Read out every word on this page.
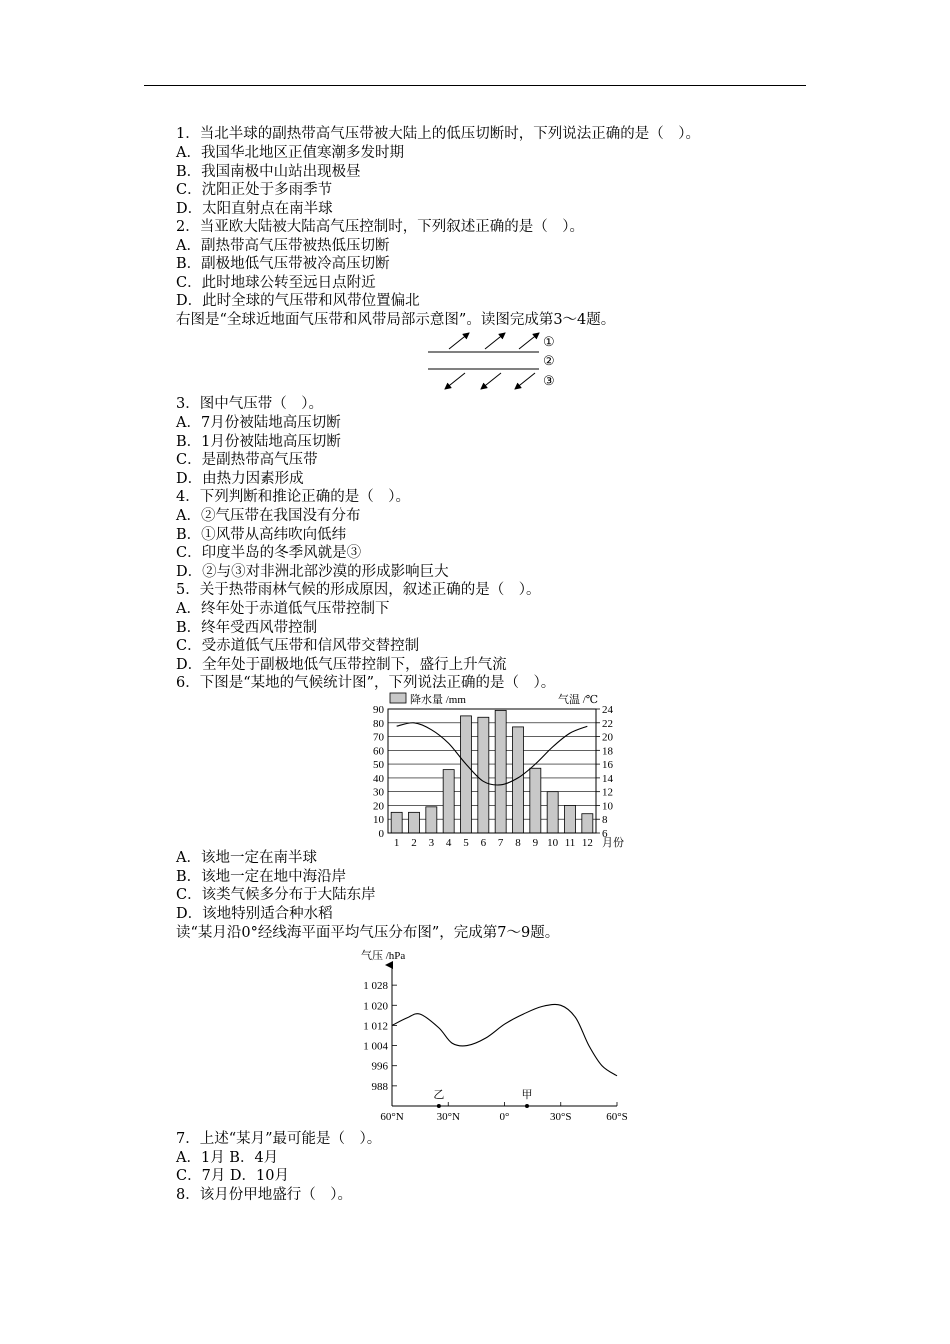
1．当北半球的副热带高气压带被大陆上的低压切断时，下列说法正确的是（　）。
A．我国华北地区正值寒潮多发时期
B．我国南极中山站出现极昼
C．沈阳正处于多雨季节
D．太阳直射点在南半球
2．当亚欧大陆被大陆高气压控制时，下列叙述正确的是（　）。
A．副热带高气压带被热低压切断
B．副极地低气压带被冷高压切断
C．此时地球公转至远日点附近
D．此时全球的气压带和风带位置偏北
右图是“全球近地面气压带和风带局部示意图”。读图完成第3～4题。
3．图中气压带（　）。
A．7月份被陆地高压切断
B．1月份被陆地高压切断
C．是副热带高气压带
D．由热力因素形成
4．下列判断和推论正确的是（　）。
A．②气压带在我国没有分布
B．①风带从高纬吹向低纬
C．印度半岛的冬季风就是③
D．②与③对非洲北部沙漠的形成影响巨大
5．关于热带雨林气候的形成原因，叙述正确的是（　）。
A．终年处于赤道低气压带控制下
B．终年受西风带控制
C．受赤道低气压带和信风带交替控制
D．全年处于副极地低气压带控制下，盛行上升气流
6．下图是“某地的气候统计图”，下列说法正确的是（　）。
A．该地一定在南半球
B．该地一定在地中海沿岸
C．该类气候多分布于大陆东岸
D．该地特别适合种水稻
读“某月沿0°经线海平面平均气压分布图”，完成第7～9题。
7．上述“某月”最可能是（　）。
A．1月 B．4月
C．7月 D．10月
8．该月份甲地盛行（　）。
①
②
③
0
10
20
30
40
50
60
70
80
90
6
8
10
12
14
16
18
20
22
24
1 2 3 4 5 6 7 8 9 10 11 12
降水量 /mm	气温 /℃
月份
气压 /hPa
988
996
1 004
1 012
1 020
1 028
60°N	30°N	0°	30°S	60°S
乙	甲
